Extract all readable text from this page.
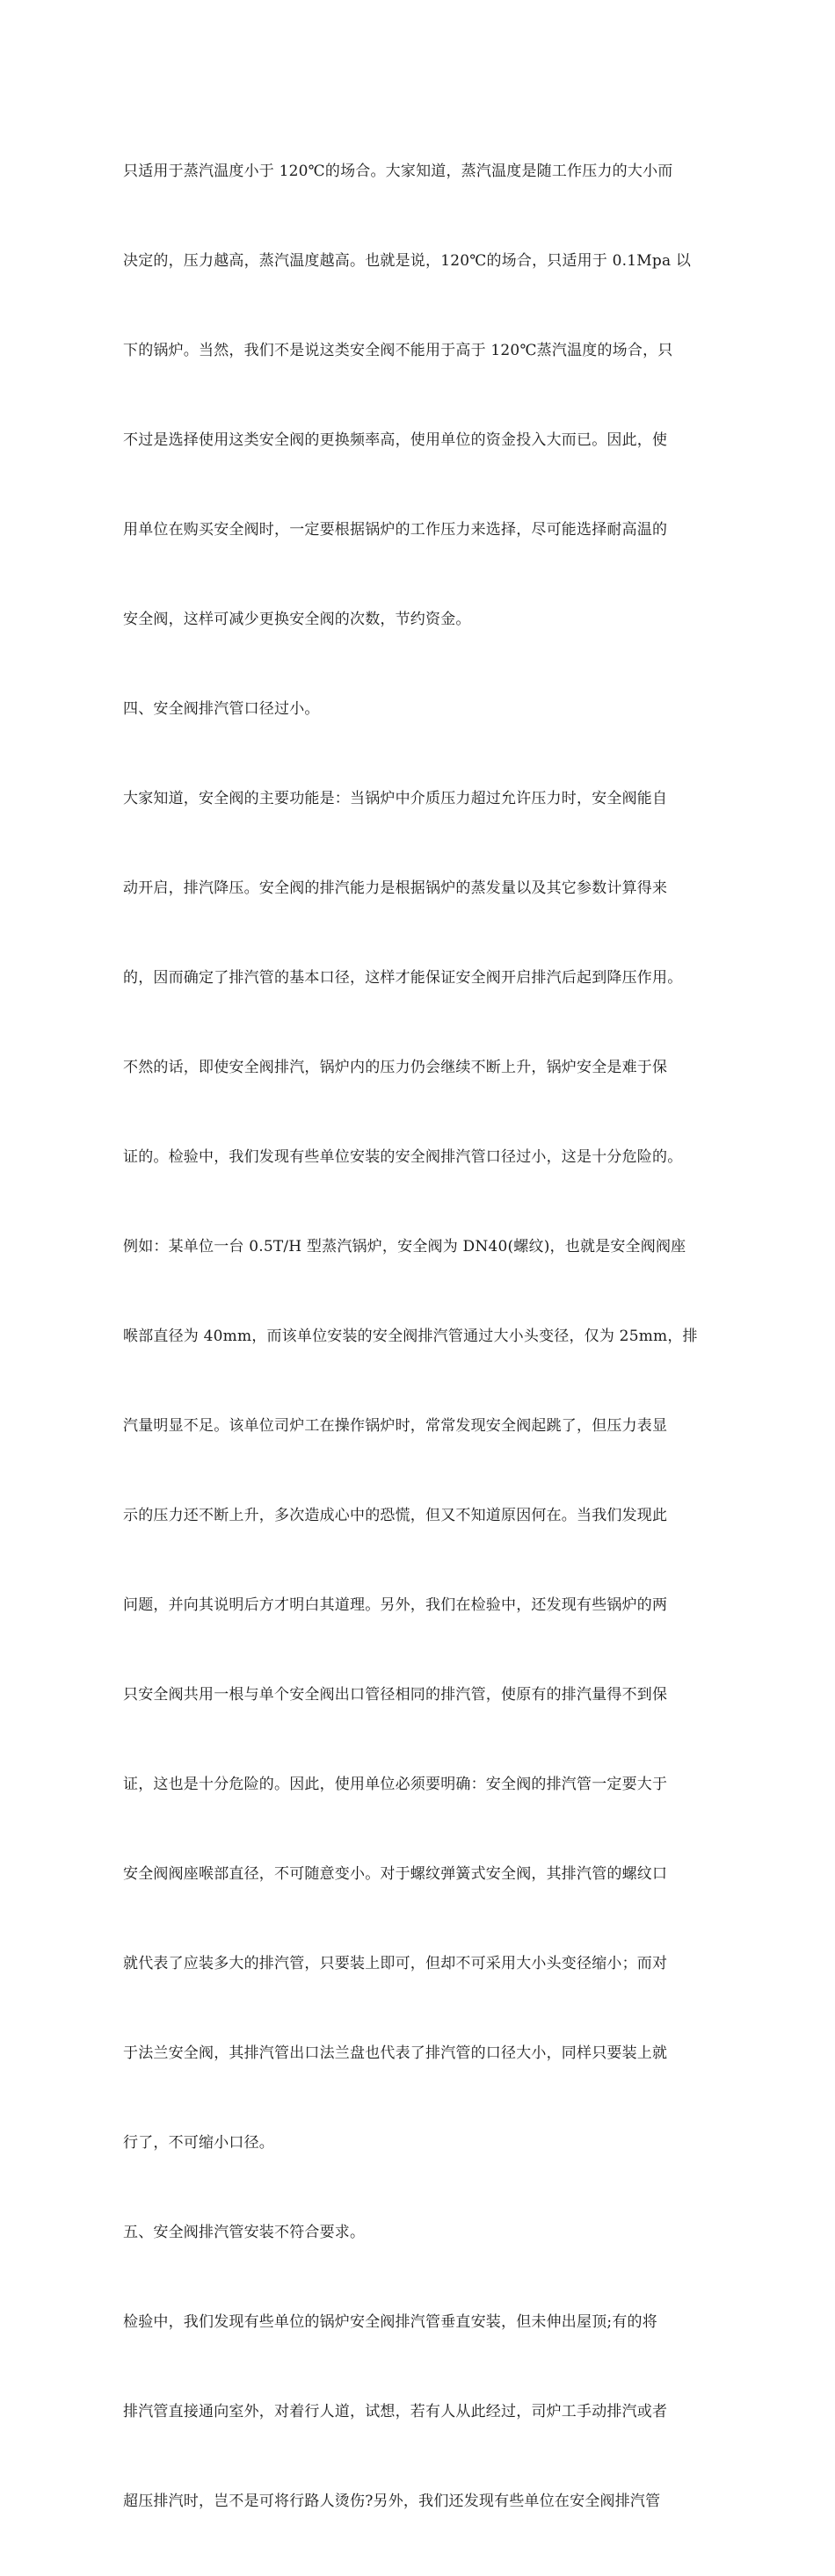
只适用于蒸汽温度小于 120℃的场合。大家知道，蒸汽温度是随工作压力的大小而

决定的，压力越高，蒸汽温度越高。也就是说，120℃的场合，只适用于 0.1Mpa 以

下的锅炉。当然，我们不是说这类安全阀不能用于高于 120℃蒸汽温度的场合，只

不过是选择使用这类安全阀的更换频率高，使用单位的资金投入大而已。因此，使

用单位在购买安全阀时，一定要根据锅炉的工作压力来选择，尽可能选择耐高温的

安全阀，这样可减少更换安全阀的次数，节约资金。

四、安全阀排汽管口径过小。

大家知道，安全阀的主要功能是：当锅炉中介质压力超过允许压力时，安全阀能自

动开启，排汽降压。安全阀的排汽能力是根据锅炉的蒸发量以及其它参数计算得来

的，因而确定了排汽管的基本口径，这样才能保证安全阀开启排汽后起到降压作用。

不然的话，即使安全阀排汽，锅炉内的压力仍会继续不断上升，锅炉安全是难于保

证的。检验中，我们发现有些单位安装的安全阀排汽管口径过小，这是十分危险的。

例如：某单位一台 0.5T/H 型蒸汽锅炉，安全阀为 DN40(螺纹)，也就是安全阀阀座

喉部直径为 40mm，而该单位安装的安全阀排汽管通过大小头变径，仅为 25mm，排

汽量明显不足。该单位司炉工在操作锅炉时，常常发现安全阀起跳了，但压力表显

示的压力还不断上升，多次造成心中的恐慌，但又不知道原因何在。当我们发现此

问题，并向其说明后方才明白其道理。另外，我们在检验中，还发现有些锅炉的两

只安全阀共用一根与单个安全阀出口管径相同的排汽管，使原有的排汽量得不到保

证，这也是十分危险的。因此，使用单位必须要明确：安全阀的排汽管一定要大于

安全阀阀座喉部直径，不可随意变小。对于螺纹弹簧式安全阀，其排汽管的螺纹口

就代表了应装多大的排汽管，只要装上即可，但却不可采用大小头变径缩小；而对

于法兰安全阀，其排汽管出口法兰盘也代表了排汽管的口径大小，同样只要装上就

行了，不可缩小口径。

五、安全阀排汽管安装不符合要求。

检验中，我们发现有些单位的锅炉安全阀排汽管垂直安装，但未伸出屋顶;有的将

排汽管直接通向室外，对着行人道，试想，若有人从此经过，司炉工手动排汽或者

超压排汽时，岂不是可将行路人烫伤?另外，我们还发现有些单位在安全阀排汽管
